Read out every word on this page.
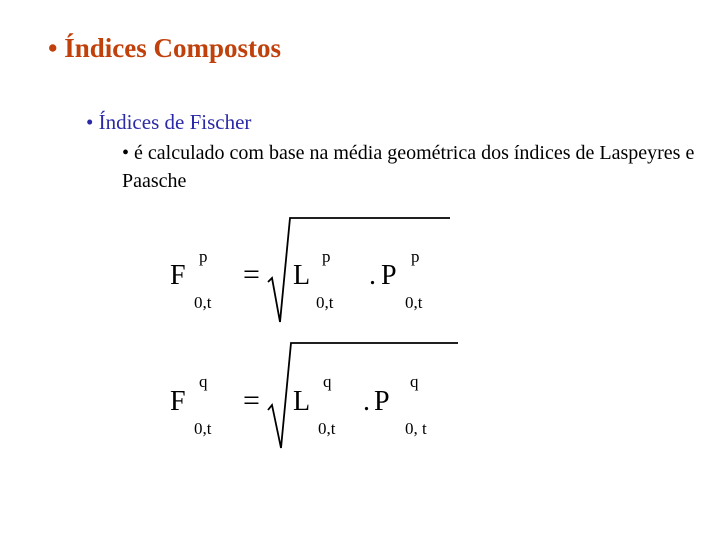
• Índices Compostos
• Índices de Fischer
• é calculado com base na média geométrica dos índices de Laspeyres e Paasche
F
p
0,t
= L
p
0,t
. P
p
0,t
F
q
0,t
= L
q
0,t
. P
q
0, t
